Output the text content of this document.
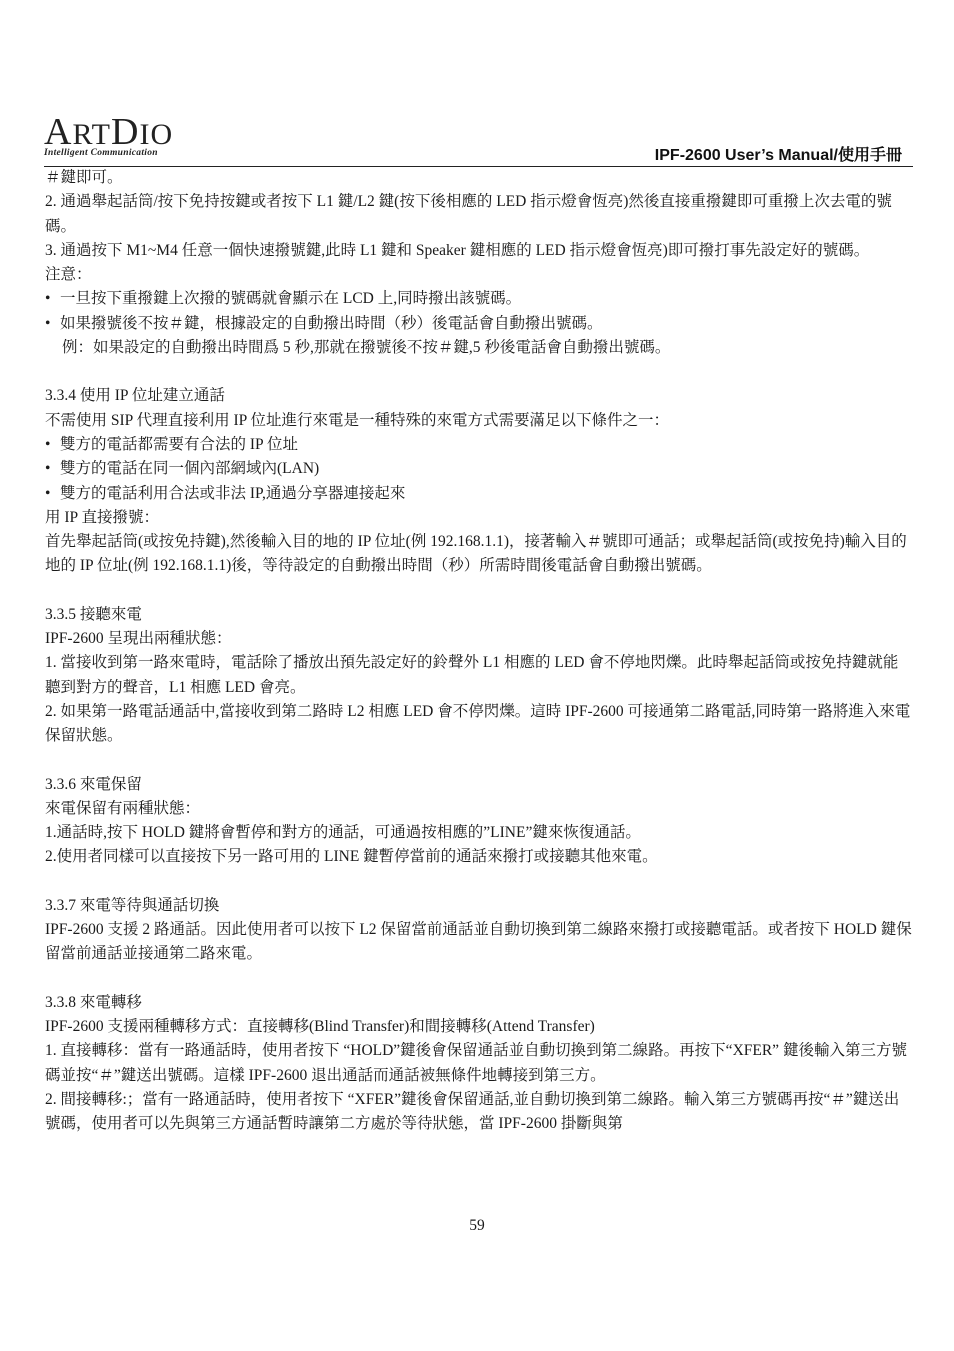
ARTDIO
Intelligent Communication	IPF-2600 User’s Manual/使用手冊

＃鍵即可。

2. 通過舉起話筒/按下免持按鍵或者按下 L1 鍵/L2 鍵(按下後相應的 LED 指示燈會恆亮)然後直接重撥鍵即可重撥上次去電的號碼。

3. 通過按下 M1~M4 任意一個快速撥號鍵,此時 L1 鍵和 Speaker 鍵相應的 LED 指示燈會恆亮)即可撥打事先設定好的號碼。

注意：

• 一旦按下重撥鍵上次撥的號碼就會顯示在 LCD 上,同時撥出該號碼。

• 如果撥號後不按＃鍵，根據設定的自動撥出時間（秒）後電話會自動撥出號碼。

例：如果設定的自動撥出時間爲 5 秒,那就在撥號後不按＃鍵,5 秒後電話會自動撥出號碼。

3.3.4 使用 IP 位址建立通話

不需使用 SIP 代理直接利用 IP 位址進行來電是一種特殊的來電方式需要滿足以下條件之一：

• 雙方的電話都需要有合法的 IP 位址

• 雙方的電話在同一個內部網域內(LAN)

• 雙方的電話利用合法或非法 IP,通過分享器連接起來

用 IP 直接撥號：

首先舉起話筒(或按免持鍵),然後輸入目的地的 IP 位址(例 192.168.1.1)，接著輸入＃號即可通話；或舉起話筒(或按免持)輸入目的地的 IP 位址(例 192.168.1.1)後，等待設定的自動撥出時間（秒）所需時間後電話會自動撥出號碼。

3.3.5 接聽來電

IPF-2600 呈現出兩種狀態：

1. 當接收到第一路來電時，電話除了播放出預先設定好的鈴聲外 L1 相應的 LED 會不停地閃爍。此時舉起話筒或按免持鍵就能聽到對方的聲音，L1 相應 LED 會亮。

2. 如果第一路電話通話中,當接收到第二路時 L2 相應 LED 會不停閃爍。這時 IPF-2600 可接通第二路電話,同時第一路將進入來電保留狀態。

3.3.6 來電保留

來電保留有兩種狀態：

1.通話時,按下 HOLD 鍵將會暫停和對方的通話，可通過按相應的”LINE”鍵來恢復通話。

2.使用者同樣可以直接按下另一路可用的 LINE 鍵暫停當前的通話來撥打或接聽其他來電。

3.3.7 來電等待與通話切換

IPF-2600 支援 2 路通話。因此使用者可以按下 L2 保留當前通話並自動切換到第二線路來撥打或接聽電話。或者按下 HOLD 鍵保留當前通話並接通第二路來電。

3.3.8 來電轉移

IPF-2600 支援兩種轉移方式：直接轉移(Blind Transfer)和間接轉移(Attend Transfer)

1. 直接轉移：當有一路通話時，使用者按下 “HOLD”鍵後會保留通話並自動切換到第二線路。再按下“XFER” 鍵後輸入第三方號碼並按“＃”鍵送出號碼。這樣 IPF-2600 退出通話而通話被無條件地轉接到第三方。

2. 間接轉移:；當有一路通話時，使用者按下 “XFER”鍵後會保留通話,並自動切換到第二線路。輸入第三方號碼再按“＃”鍵送出號碼，使用者可以先與第三方通話暫時讓第二方處於等待狀態，當 IPF-2600 掛斷與第

59
